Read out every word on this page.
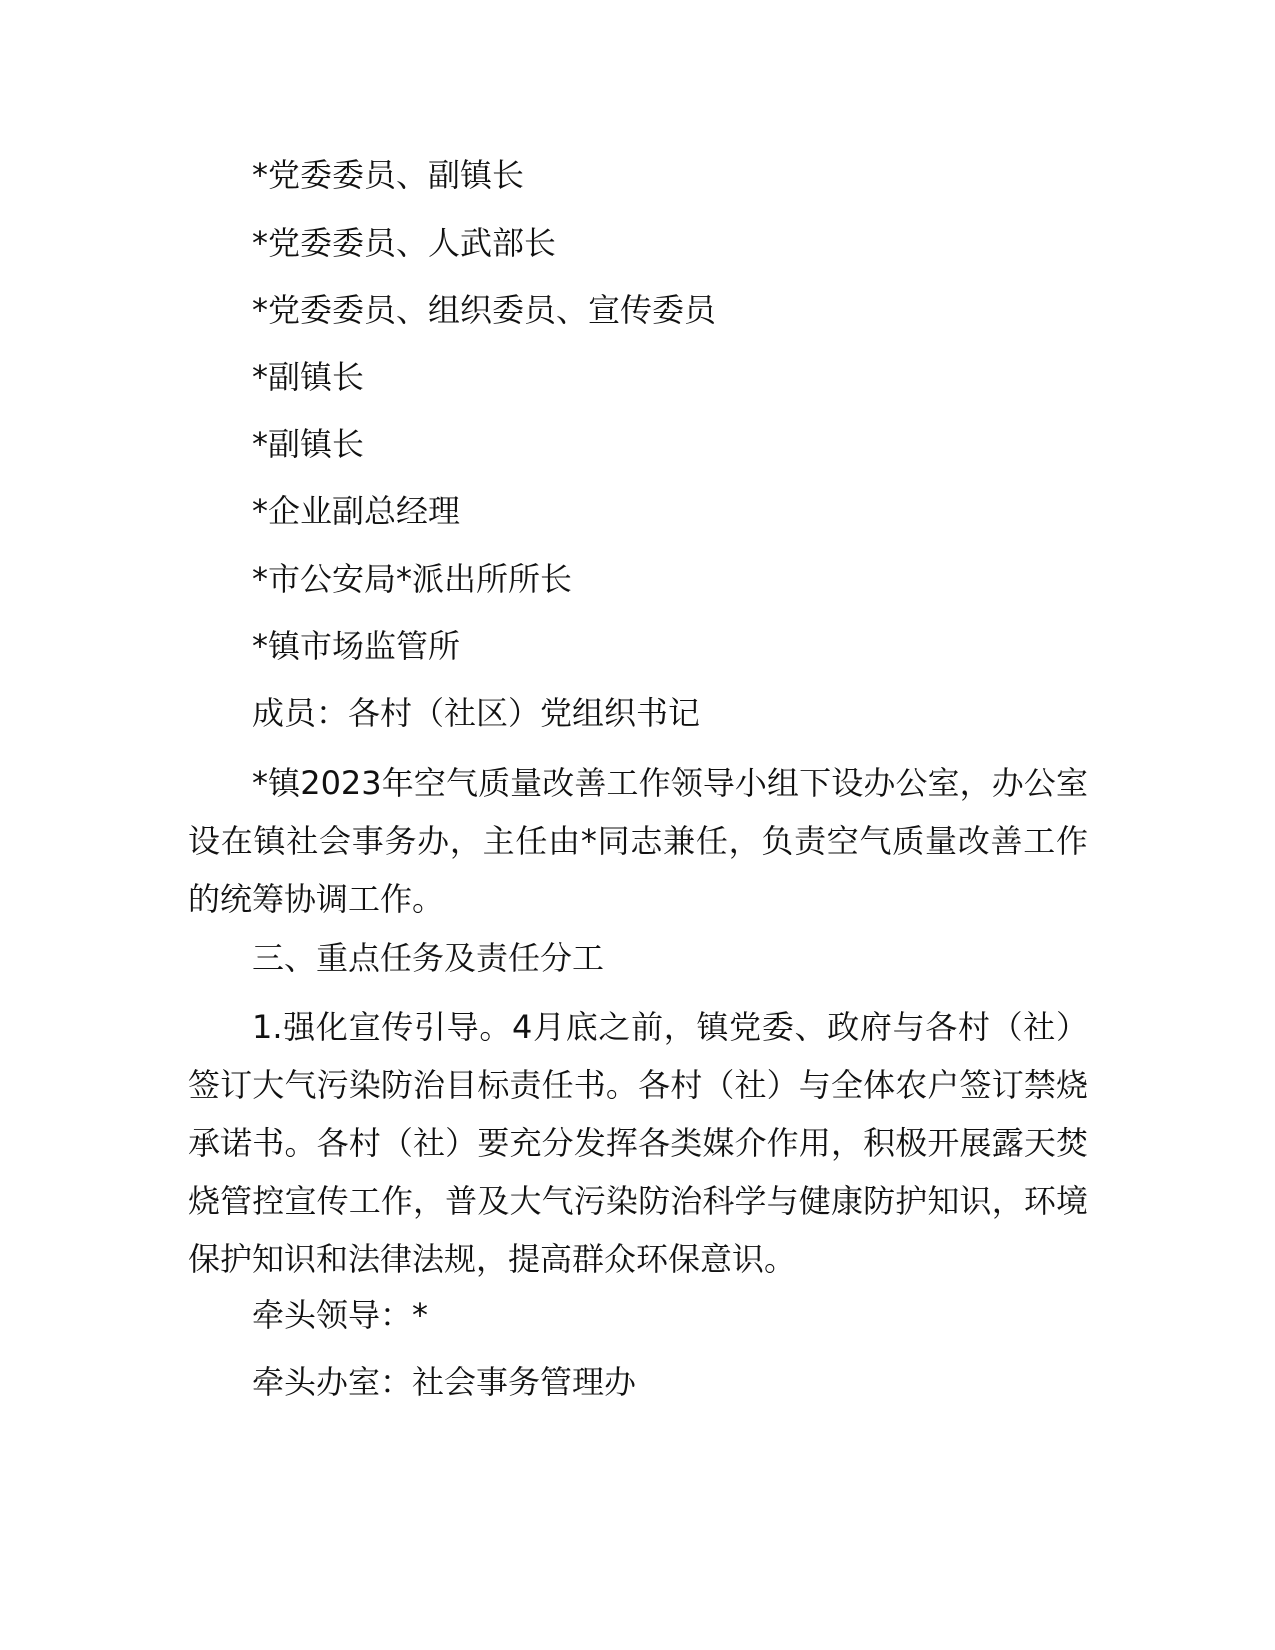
*党委委员、副镇长

*党委委员、人武部长

*党委委员、组织委员、宣传委员

*副镇长

*副镇长

*企业副总经理

*市公安局*派出所所长

*镇市场监管所

成员：各村（社区）党组织书记

*镇2023年空气质量改善工作领导小组下设办公室，办公室设在镇社会事务办，主任由*同志兼任，负责空气质量改善工作的统筹协调工作。

三、重点任务及责任分工

1.强化宣传引导。4月底之前，镇党委、政府与各村（社）签订大气污染防治目标责任书。各村（社）与全体农户签订禁烧承诺书。各村（社）要充分发挥各类媒介作用，积极开展露天焚烧管控宣传工作，普及大气污染防治科学与健康防护知识，环境保护知识和法律法规，提高群众环保意识。

牵头领导：*

牵头办室：社会事务管理办
